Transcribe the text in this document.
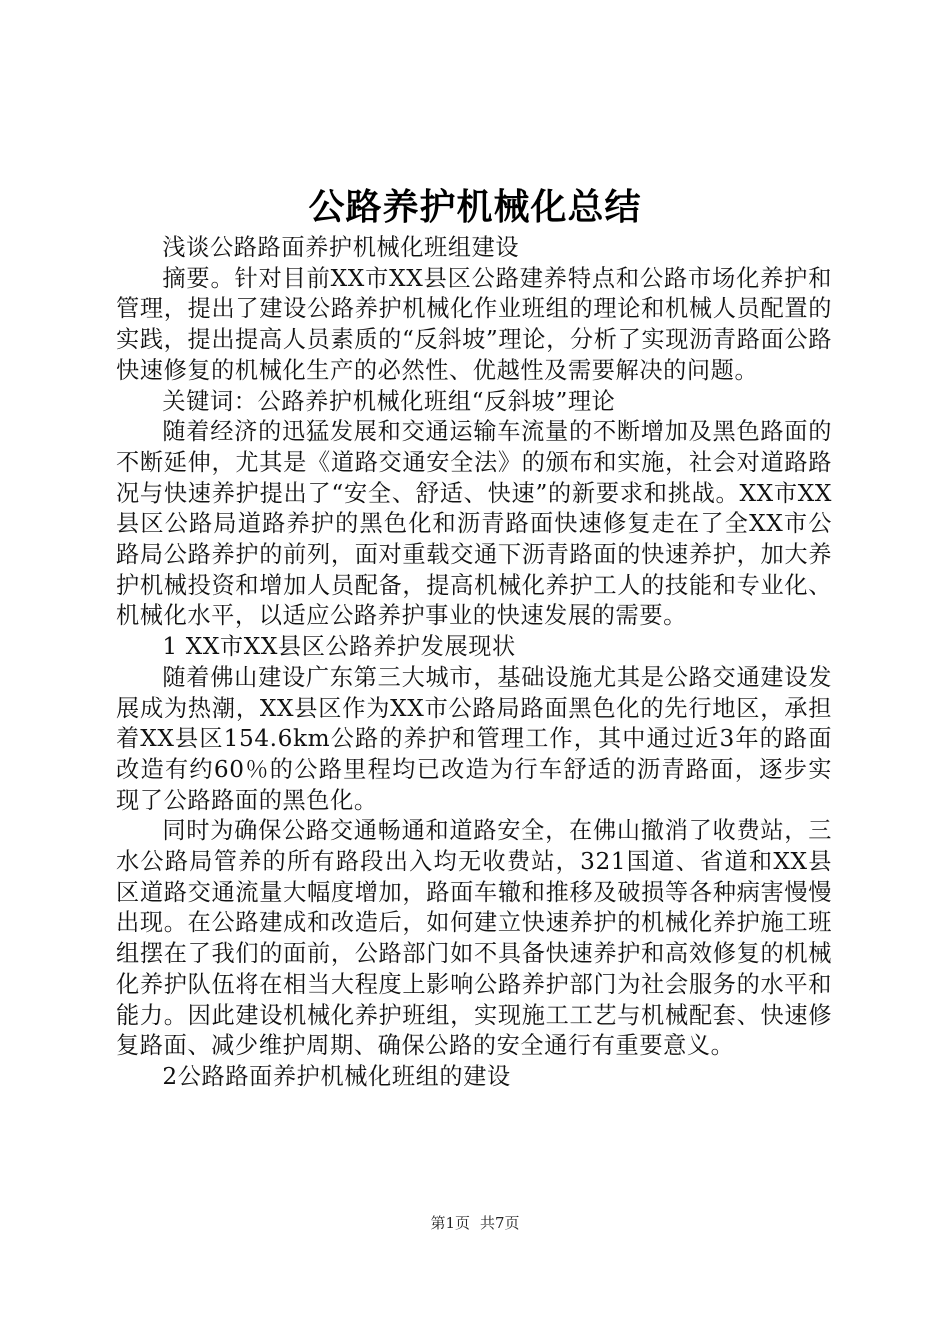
公路养护机械化总结

浅谈公路路面养护机械化班组建设

摘要。针对目前XX市XX县区公路建养特点和公路市场化养护和管理，提出了建设公路养护机械化作业班组的理论和机械人员配置的实践，提出提高人员素质的“反斜坡”理论，分析了实现沥青路面公路快速修复的机械化生产的必然性、优越性及需要解决的问题。

关键词：公路养护机械化班组“反斜坡”理论

随着经济的迅猛发展和交通运输车流量的不断增加及黑色路面的不断延伸，尤其是《道路交通安全法》的颁布和实施，社会对道路路况与快速养护提出了“安全、舒适、快速”的新要求和挑战。XX市XX县区公路局道路养护的黑色化和沥青路面快速修复走在了全XX市公路局公路养护的前列，面对重载交通下沥青路面的快速养护，加大养护机械投资和增加人员配备，提高机械化养护工人的技能和专业化、机械化水平，以适应公路养护事业的快速发展的需要。

1 XX市XX县区公路养护发展现状

随着佛山建设广东第三大城市，基础设施尤其是公路交通建设发展成为热潮，XX县区作为XX市公路局路面黑色化的先行地区，承担着XX县区154.6km公路的养护和管理工作，其中通过近3年的路面改造有约60％的公路里程均已改造为行车舒适的沥青路面，逐步实现了公路路面的黑色化。

同时为确保公路交通畅通和道路安全，在佛山撤消了收费站，三水公路局管养的所有路段出入均无收费站，321国道、省道和XX县区道路交通流量大幅度增加，路面车辙和推移及破损等各种病害慢慢出现。在公路建成和改造后，如何建立快速养护的机械化养护施工班组摆在了我们的面前，公路部门如不具备快速养护和高效修复的机械化养护队伍将在相当大程度上影响公路养护部门为社会服务的水平和能力。因此建设机械化养护班组，实现施工工艺与机械配套、快速修复路面、减少维护周期、确保公路的安全通行有重要意义。

2公路路面养护机械化班组的建设

第1页 共7页
